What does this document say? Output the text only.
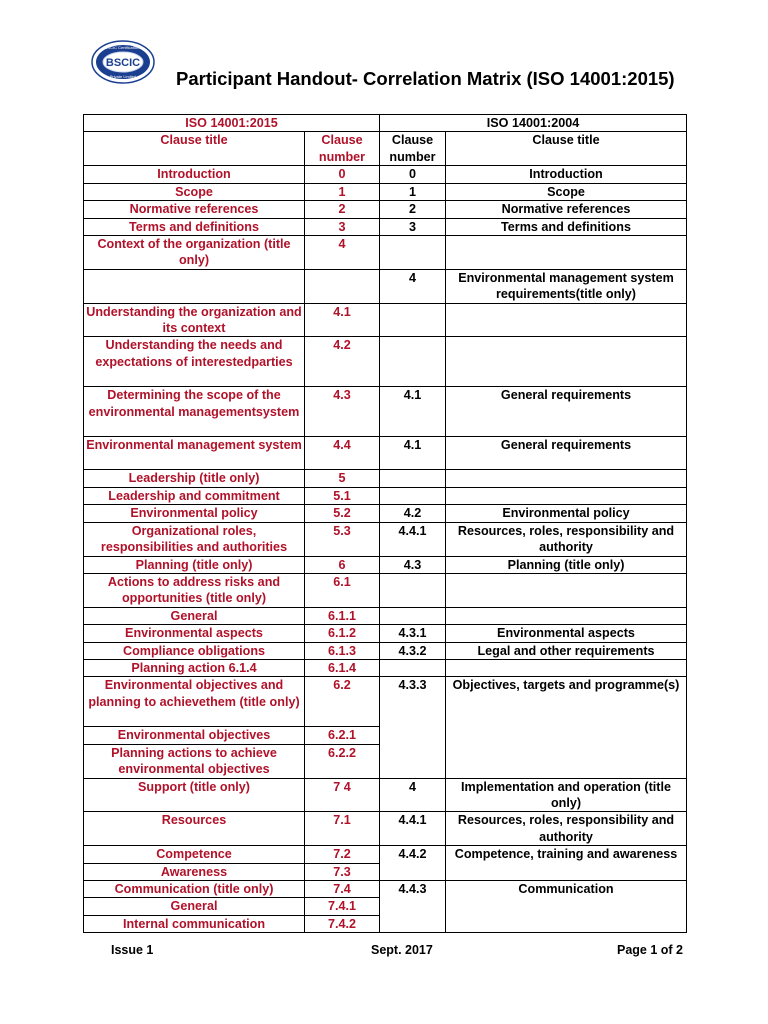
BSCIC
BSCIC Certifications
Private Limited Participant Handout- Correlation Matrix (ISO 14001:2015)
ISO 14001:2015		ISO 14001:2004	
Clause title	Clause number	Clause number	Clause title
Introduction	0	0	Introduction
Scope	1	1	Scope
Normative references	2	2	Normative references
Terms and definitions	3	3	Terms and definitions
Context of the organization (title only)	4		
		4	Environmental management system requirements(title only)
Understanding the organization and its context	4.1		
Understanding the needs and expectations of interestedparties	4.2		
Determining the scope of the environmental managementsystem	4.3	4.1	General requirements
Environmental management system	4.4	4.1	General requirements
Leadership (title only)	5		
Leadership and commitment	5.1		
Environmental policy	5.2	4.2	Environmental policy
Organizational roles, responsibilities and authorities	5.3	4.4.1	Resources, roles, responsibility and authority
Planning (title only)	6	4.3	Planning (title only)
Actions to address risks and opportunities (title only)	6.1		
General	6.1.1		
Environmental aspects	6.1.2	4.3.1	Environmental aspects
Compliance obligations	6.1.3	4.3.2	Legal and other requirements
Planning action 6.1.4	6.1.4		
Environmental objectives and planning to achievethem (title only)	6.2	4.3.3	Objectives, targets and programme(s)
Environmental objectives	6.2.1		
Planning actions to achieve environmental objectives	6.2.2		
Support (title only)	7 4	4	Implementation and operation (title only)
Resources	7.1	4.4.1	Resources, roles, responsibility and authority
Competence	7.2	4.4.2	Competence, training and awareness
Awareness	7.3		
Communication (title only)	7.4	4.4.3	Communication
General	7.4.1		
Internal communication	7.4.2		
Issue 1	Sept. 2017	Page 1 of 2
